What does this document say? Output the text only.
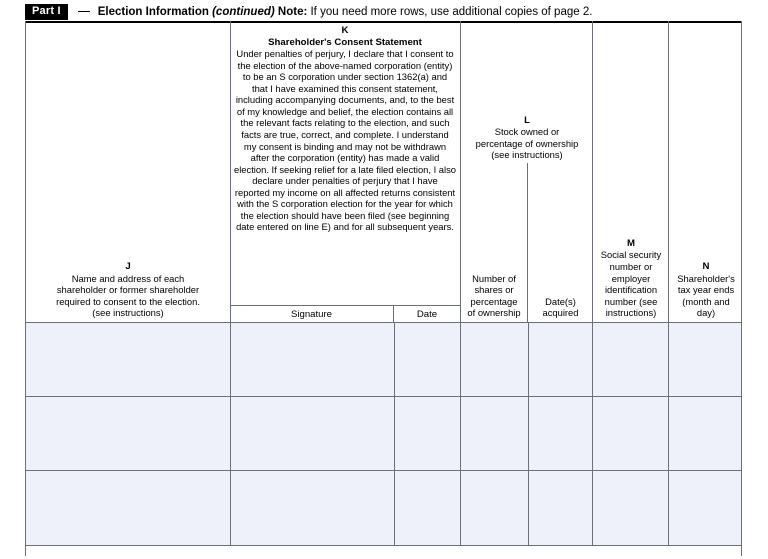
Part I	Election Information (continued) Note: If you need more rows, use additional copies of page 2.
J
Name and address of each
shareholder or former shareholder
required to consent to the election.
(see instructions)
K
Shareholder's Consent Statement

Under penalties of perjury, I declare that I consent to the election of the above-named corporation (entity) to be an S corporation under section 1362(a) and that I have examined this consent statement, including accompanying documents, and, to the best of my knowledge and belief, the election contains all the relevant facts relating to the election, and such facts are true, correct, and complete. I understand my consent is binding and may not be withdrawn after the corporation (entity) has made a valid election. If seeking relief for a late filed election, I also declare under penalties of perjury that I have reported my income on all affected returns consistent with the S corporation election for the year for which the election should have been filed (see beginning date entered on line E) and for all subsequent years.

Signature	Date
L
Stock owned or
percentage of ownership
(see instructions)
Number of
shares or
percentage
of ownership
Date(s)
acquired
M
Social security
number or
employer
identification
number (see
instructions)
N
Shareholder's
tax year ends
(month and
day)
